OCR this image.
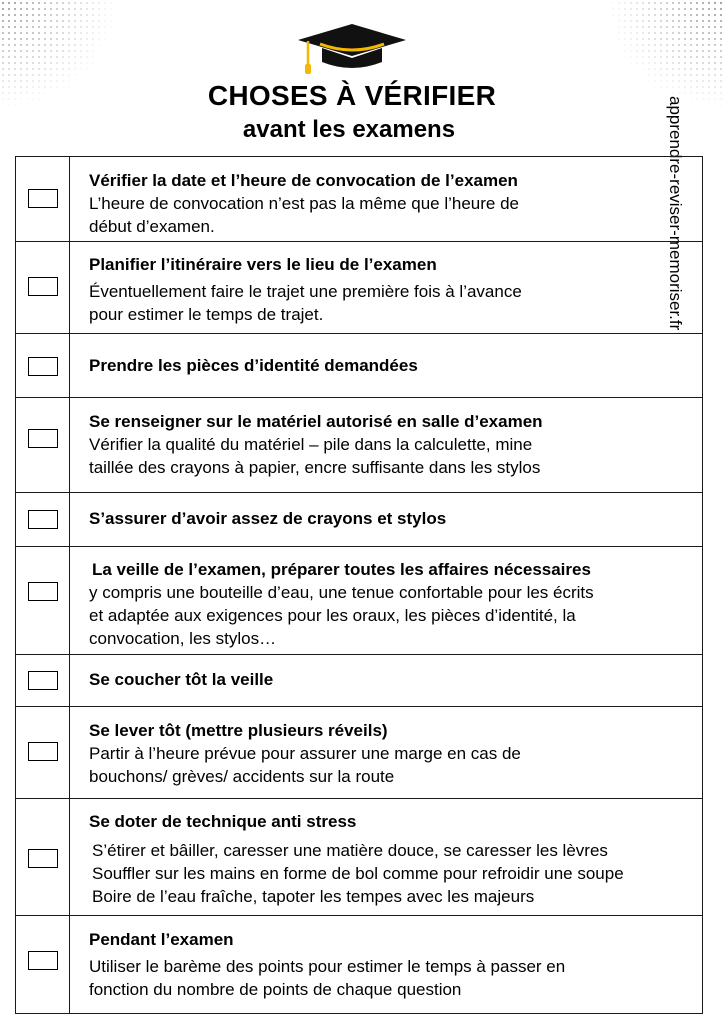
CHOSES À VÉRIFIER
avant les examens	apprendre-reviser-memoriser.fr
Vérifier la date et l’heure de convocation de l’examen
L’heure de convocation n’est pas la même que l’heure de
début d’examen.
Planifier l’itinéraire vers le lieu de l’examen
Éventuellement faire le trajet une première fois à l’avance
pour estimer le temps de trajet.
Prendre les pièces d’identité demandées
Se renseigner sur le matériel autorisé en salle d’examen
Vérifier la qualité du matériel – pile dans la calculette, mine
taillée des crayons à papier, encre suffisante dans les stylos
S’assurer d’avoir assez de crayons et stylos
La veille de l’examen, préparer toutes les affaires nécessaires
y compris une bouteille d’eau, une tenue confortable pour les écrits
et adaptée aux exigences pour les oraux, les pièces d’identité, la
convocation, les stylos…
Se coucher tôt la veille
Se lever tôt (mettre plusieurs réveils)
Partir à l’heure prévue pour assurer une marge en cas de
bouchons/ grèves/ accidents sur la route
Se doter de technique anti stress
S’étirer et bâiller, caresser une matière douce, se caresser les lèvres
Souffler sur les mains en forme de bol comme pour refroidir une soupe
Boire de l’eau fraîche, tapoter les tempes avec les majeurs
Pendant l’examen
Utiliser le barème des points pour estimer le temps à passer en
fonction du nombre de points de chaque question
